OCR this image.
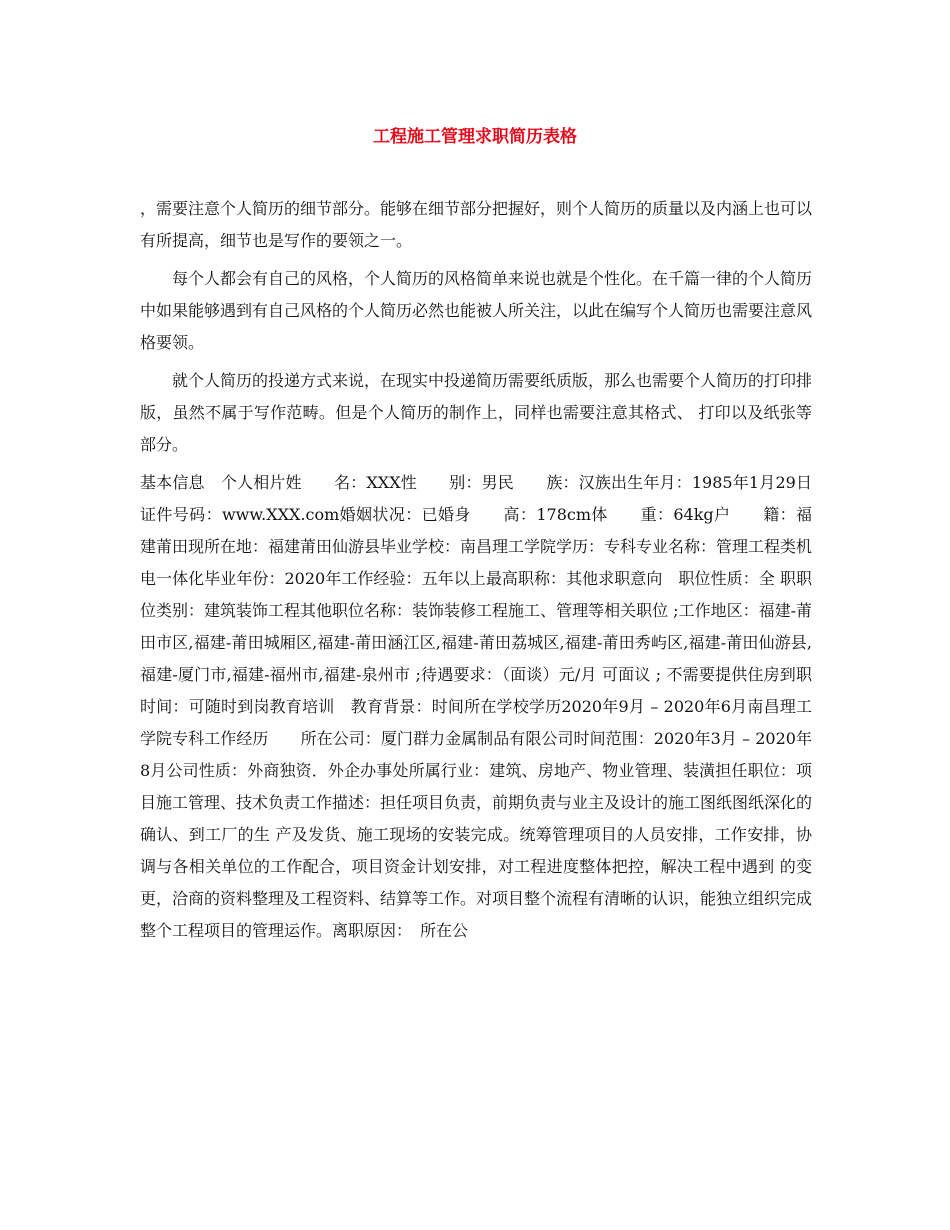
工程施工管理求职简历表格

，需要注意个人简历的细节部分。能够在细节部分把握好，则个人简历的质量以及内涵上也可以有所提高，细节也是写作的要领之一。

每个人都会有自己的风格，个人简历的风格简单来说也就是个性化。在千篇一律的个人简历中如果能够遇到有自己风格的个人简历必然也能被人所关注，以此在编写个人简历也需要注意风格要领。

就个人简历的投递方式来说，在现实中投递简历需要纸质版，那么也需要个人简历的打印排版，虽然不属于写作范畴。但是个人简历的制作上，同样也需要注意其格式、 打印以及纸张等部分。

基本信息　个人相片姓　　名：XXX性　　别：男民　　族：汉族出生年月：1985年1月29日证件号码：www.XXX.com婚姻状况：已婚身　　高：178cm体　　重：64kg户　　籍：福建莆田现所在地：福建莆田仙游县毕业学校：南昌理工学院学历：专科专业名称：管理工程类机电一体化毕业年份：2020年工作经验：五年以上最高职称：其他求职意向　职位性质：全 职职位类别：建筑装饰工程其他职位名称：装饰装修工程施工、管理等相关职位 ;工作地区：福建-莆田市区,福建-莆田城厢区,福建-莆田涵江区,福建-莆田荔城区,福建-莆田秀屿区,福建-莆田仙游县,福建-厦门市,福建-福州市,福建-泉州市 ;待遇要求：（面谈）元/月 可面议 ; 不需要提供住房到职时间：可随时到岗教育培训　教育背景：时间所在学校学历2020年9月 – 2020年6月南昌理工学院专科工作经历　　所在公司：厦门群力金属制品有限公司时间范围：2020年3月 – 2020年8月公司性质：外商独资．外企办事处所属行业：建筑、房地产、物业管理、装潢担任职位：项目施工管理、技术负责工作描述：担任项目负责，前期负责与业主及设计的施工图纸图纸深化的确认、到工厂的生 产及发货、施工现场的安装完成。统筹管理项目的人员安排，工作安排，协调与各相关单位的工作配合，项目资金计划安排，对工程进度整体把控，解决工程中遇到 的变更，洽商的资料整理及工程资料、结算等工作。对项目整个流程有清晰的认识，能独立组织完成整个工程项目的管理运作。离职原因：　所在公
